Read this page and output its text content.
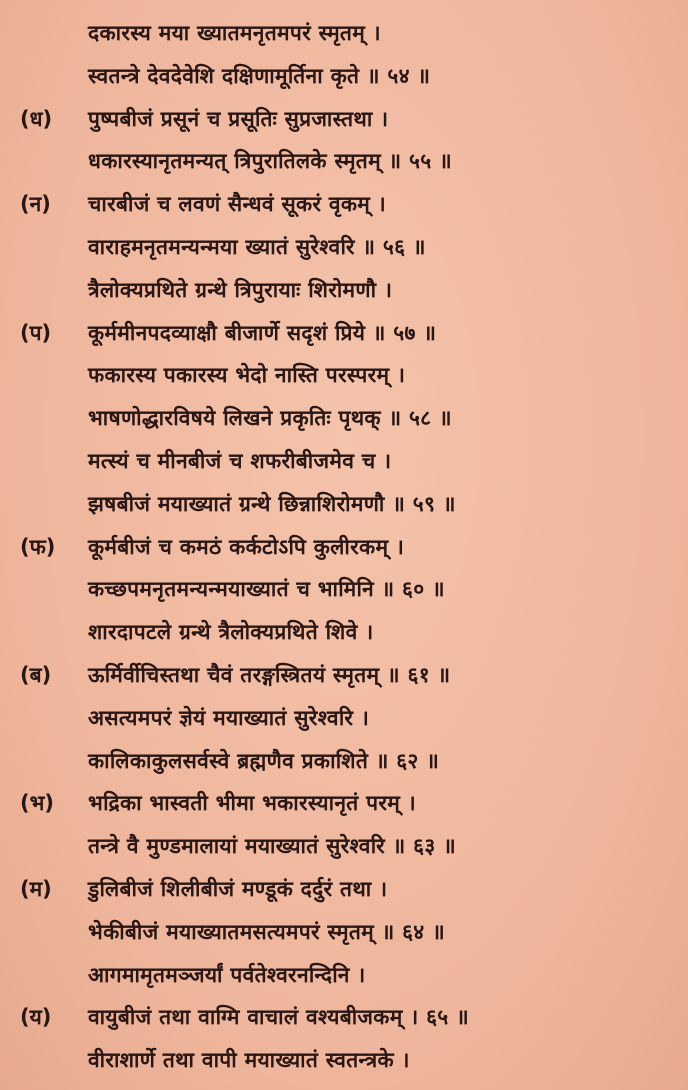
दकारस्य मया ख्यातमनृतमपरं स्मृतम् ।
स्वतन्त्रे देवदेवेशि दक्षिणामूर्तिना कृते ॥ ५४ ॥
(ध) पुष्पबीजं प्रसूनं च प्रसूतिः सुप्रजास्तथा ।
धकारस्यानृतमन्यत् त्रिपुरातिलके स्मृतम् ॥ ५५ ॥
(न) चारबीजं च लवणं सैन्धवं सूकरं वृकम् ।
वाराहमनृतमन्यन्मया ख्यातं सुरेश्वरि ॥ ५६ ॥
त्रैलोक्यप्रथिते ग्रन्थे त्रिपुरायाः शिरोमणौ ।
(प) कूर्ममीनपदव्याक्षौ बीजार्णे सदृशं प्रिये ॥ ५७ ॥
फकारस्य पकारस्य भेदो नास्ति परस्परम् ।
भाषणोद्धारविषये लिखने प्रकृतिः पृथक् ॥ ५८ ॥
मत्स्यं च मीनबीजं च शफरीबीजमेव च ।
झषबीजं मयाख्यातं ग्रन्थे छिन्नाशिरोमणौ ॥ ५९ ॥
(फ) कूर्मबीजं च कमठं कर्कटोऽपि कुलीरकम् ।
कच्छपमनृतमन्यन्मयाख्यातं च भामिनि ॥ ६० ॥
शारदापटले ग्रन्थे त्रैलोक्यप्रथिते शिवे ।
(ब) ऊर्मिर्वीचिस्तथा चैवं तरङ्गस्त्रितयं स्मृतम् ॥ ६१ ॥
असत्यमपरं ज्ञेयं मयाख्यातं सुरेश्वरि ।
कालिकाकुलसर्वस्वे ब्रह्मणैव प्रकाशिते ॥ ६२ ॥
(भ) भद्रिका भास्वती भीमा भकारस्यानृतं परम् ।
तन्त्रे वै मुण्डमालायां मयाख्यातं सुरेश्वरि ॥ ६३ ॥
(म) डुलिबीजं शिलीबीजं मण्डूकं दर्दुरं तथा ।
भेकीबीजं मयाख्यातमसत्यमपरं स्मृतम् ॥ ६४ ॥
आगमामृतमञ्जर्यां पर्वतेश्वरनन्दिनि ।
(य) वायुबीजं तथा वाग्मि वाचालं वश्यबीजकम् । ६५ ॥
वीराशार्णे तथा वापी मयाख्यातं स्वतन्त्रके ।
